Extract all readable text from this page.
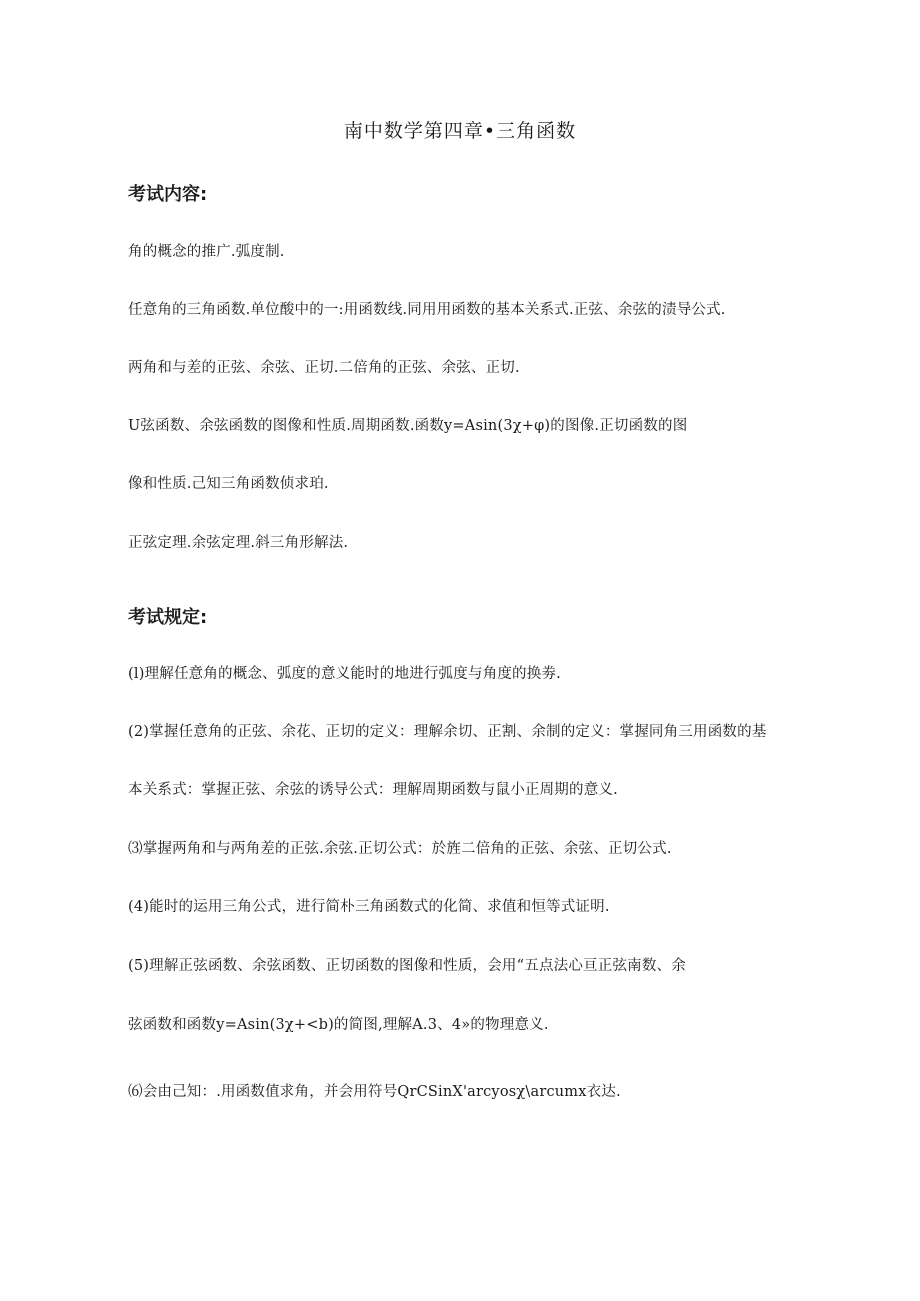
南中数学第四章•三角函数
考试内容:
角的概念的推广.弧度制.
任意角的三角函数.单位酸中的一:用函数线.同用用函数的基本关系式.正弦、余弦的渍导公式.
两角和与差的正弦、余弦、正切.二倍角的正弦、余弦、正切.
U弦函数、余弦函数的图像和性质.周期函数.函数y=Asin(3χ+φ)的图像.正切函数的图
像和性质.己知三角函数侦求珀.
正弦定理.余弦定理.斜三角形解法.
考试规定:
(l)理解任意角的概念、弧度的意义能时的地进行弧度与角度的换劵.
(2)掌握任意角的正弦、余花、正切的定义：理解余切、正割、余制的定义：掌握同角三用函数的基
本关系式：掌握正弦、余弦的诱导公式：理解周期函数与鼠小正周期的意义.
⑶掌握两角和与两角差的正弦.余弦.正切公式：於旌二倍角的正弦、余弦、正切公式.
(4)能时的运用三角公式，进行简朴三角函数式的化简、求值和恒等式证明.
(5)理解正弦函数、余弦函数、正切函数的图像和性质，会用“五点法心亘正弦南数、余
弦函数和函数y=Asin(3χ+<b)的简图,理解A.3、4»的物理意义.
⑹会由己知：.用函数值求角，并会用符号QrCSinX'arcyosχ\arcumx衣达.
